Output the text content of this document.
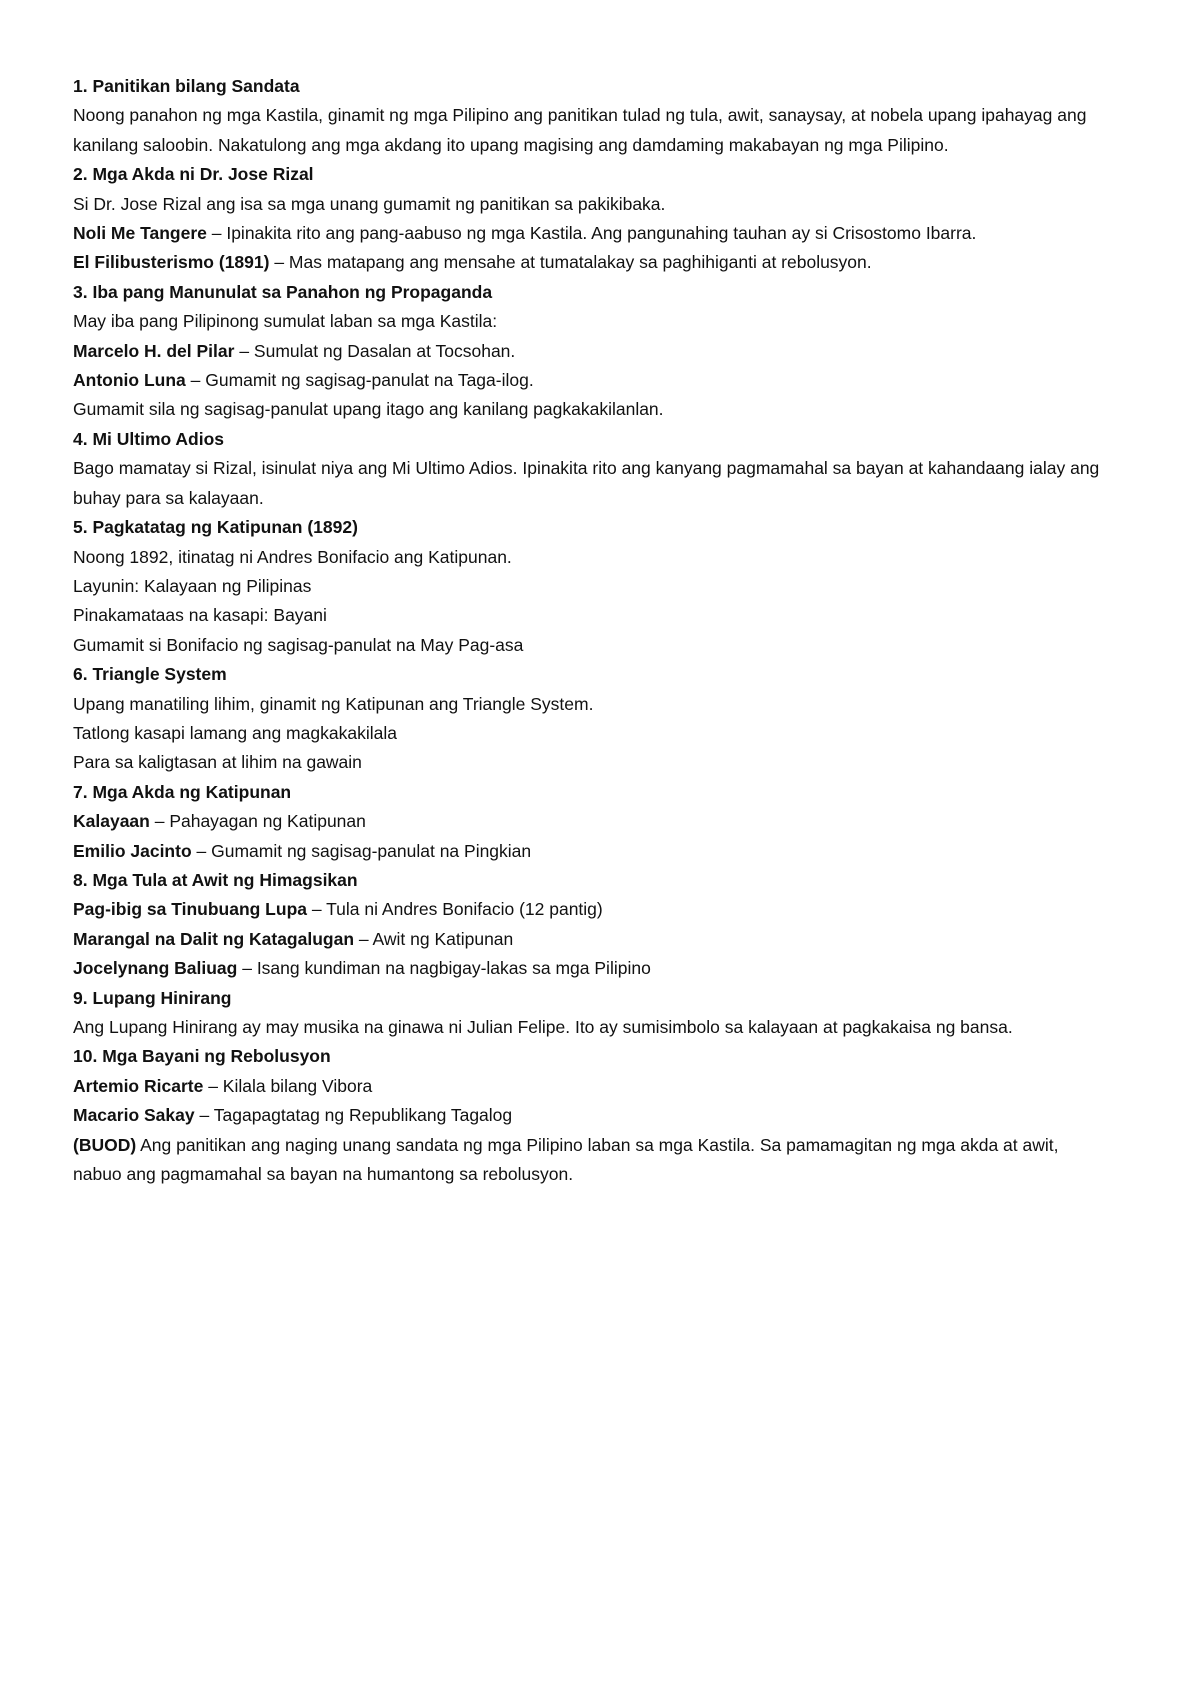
1. Panitikan bilang Sandata

Noong panahon ng mga Kastila, ginamit ng mga Pilipino ang panitikan tulad ng tula, awit, sanaysay, at nobela upang ipahayag ang kanilang saloobin. Nakatulong ang mga akdang ito upang magising ang damdaming makabayan ng mga Pilipino.

2. Mga Akda ni Dr. Jose Rizal

Si Dr. Jose Rizal ang isa sa mga unang gumamit ng panitikan sa pakikibaka.

Noli Me Tangere – Ipinakita rito ang pang-aabuso ng mga Kastila. Ang pangunahing tauhan ay si Crisostomo Ibarra.

El Filibusterismo (1891) – Mas matapang ang mensahe at tumatalakay sa paghihiganti at rebolusyon.

3. Iba pang Manunulat sa Panahon ng Propaganda

May iba pang Pilipinong sumulat laban sa mga Kastila:

Marcelo H. del Pilar – Sumulat ng Dasalan at Tocsohan.

Antonio Luna – Gumamit ng sagisag-panulat na Taga-ilog.

Gumamit sila ng sagisag-panulat upang itago ang kanilang pagkakakilanlan.

4. Mi Ultimo Adios

Bago mamatay si Rizal, isinulat niya ang Mi Ultimo Adios. Ipinakita rito ang kanyang pagmamahal sa bayan at kahandaang ialay ang buhay para sa kalayaan.

5. Pagkatatag ng Katipunan (1892)

Noong 1892, itinatag ni Andres Bonifacio ang Katipunan.

Layunin: Kalayaan ng Pilipinas

Pinakamataas na kasapi: Bayani

Gumamit si Bonifacio ng sagisag-panulat na May Pag-asa

6. Triangle System

Upang manatiling lihim, ginamit ng Katipunan ang Triangle System.

Tatlong kasapi lamang ang magkakakilala

Para sa kaligtasan at lihim na gawain

7. Mga Akda ng Katipunan

Kalayaan – Pahayagan ng Katipunan

Emilio Jacinto – Gumamit ng sagisag-panulat na Pingkian

8. Mga Tula at Awit ng Himagsikan

Pag-ibig sa Tinubuang Lupa – Tula ni Andres Bonifacio (12 pantig)

Marangal na Dalit ng Katagalugan – Awit ng Katipunan

Jocelynang Baliuag – Isang kundiman na nagbigay-lakas sa mga Pilipino

9. Lupang Hinirang

Ang Lupang Hinirang ay may musika na ginawa ni Julian Felipe. Ito ay sumisimbolo sa kalayaan at pagkakaisa ng bansa.

10. Mga Bayani ng Rebolusyon

Artemio Ricarte – Kilala bilang Vibora

Macario Sakay – Tagapagtatag ng Republikang Tagalog

(BUOD) Ang panitikan ang naging unang sandata ng mga Pilipino laban sa mga Kastila. Sa pamamagitan ng mga akda at awit, nabuo ang pagmamahal sa bayan na humantong sa rebolusyon.
